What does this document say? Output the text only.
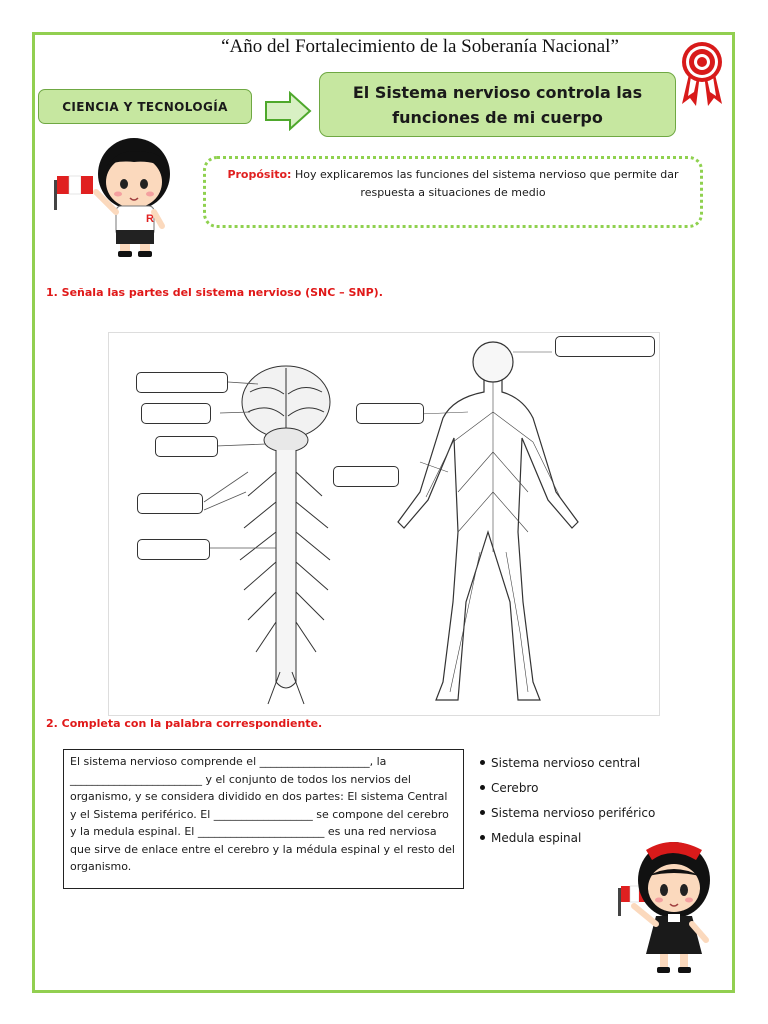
“Año del Fortalecimiento de la Soberanía Nacional”
CIENCIA Y TECNOLOGÍA
El Sistema nervioso controla las funciones de mi cuerpo
R
Propósito: Hoy explicaremos las funciones del sistema nervioso que permite dar respuesta a situaciones de medio
1. Señala las partes del sistema nervioso (SNC – SNP).
2. Completa con la palabra correspondiente.
El sistema nervioso comprende el ____________________, la ________________________ y el conjunto de todos los nervios del organismo, y se considera dividido en dos partes: El sistema Central y el Sistema periférico. El __________________ se compone del cerebro y la medula espinal. El _______________________ es una red nerviosa que sirve de enlace entre el cerebro y la médula espinal y el resto del organismo.
Sistema nervioso central
Cerebro
Sistema nervioso periférico
Medula espinal
